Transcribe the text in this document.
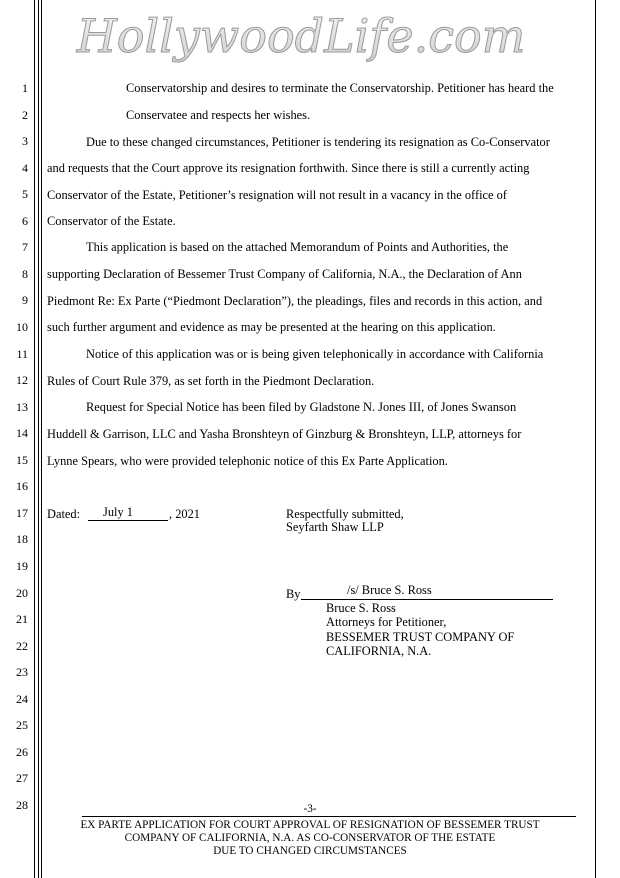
HollywoodLife.com
1
2
3
4
5
6
7
8
9
10
11
12
13
14
15
16
17
18
19
20
21
22
23
24
25
26
27
28
Conservatorship and desires to terminate the Conservatorship. Petitioner has heard the
Conservatee and respects her wishes.
Due to these changed circumstances, Petitioner is tendering its resignation as Co-Conservator
and requests that the Court approve its resignation forthwith. Since there is still a currently acting
Conservator of the Estate, Petitioner’s resignation will not result in a vacancy in the office of
Conservator of the Estate.
This application is based on the attached Memorandum of Points and Authorities, the
supporting Declaration of Bessemer Trust Company of California, N.A., the Declaration of Ann
Piedmont Re: Ex Parte (“Piedmont Declaration”), the pleadings, files and records in this action, and
such further argument and evidence as may be presented at the hearing on this application.
Notice of this application was or is being given telephonically in accordance with California
Rules of Court Rule 379, as set forth in the Piedmont Declaration.
Request for Special Notice has been filed by Gladstone N. Jones III, of Jones Swanson
Huddell & Garrison, LLC and Yasha Bronshteyn of Ginzburg & Bronshteyn, LLP, attorneys for
Lynne Spears, who were provided telephonic notice of this Ex Parte Application.
Dated: July 1	, 2021	Respectfully submitted,
Seyfarth Shaw LLP
By	/s/ Bruce S. Ross
Bruce S. Ross
Attorneys for Petitioner,
BESSEMER TRUST COMPANY OF
CALIFORNIA, N.A.
-3-
EX PARTE APPLICATION FOR COURT APPROVAL OF RESIGNATION OF BESSEMER TRUST
COMPANY OF CALIFORNIA, N.A. AS CO-CONSERVATOR OF THE ESTATE
DUE TO CHANGED CIRCUMSTANCES
